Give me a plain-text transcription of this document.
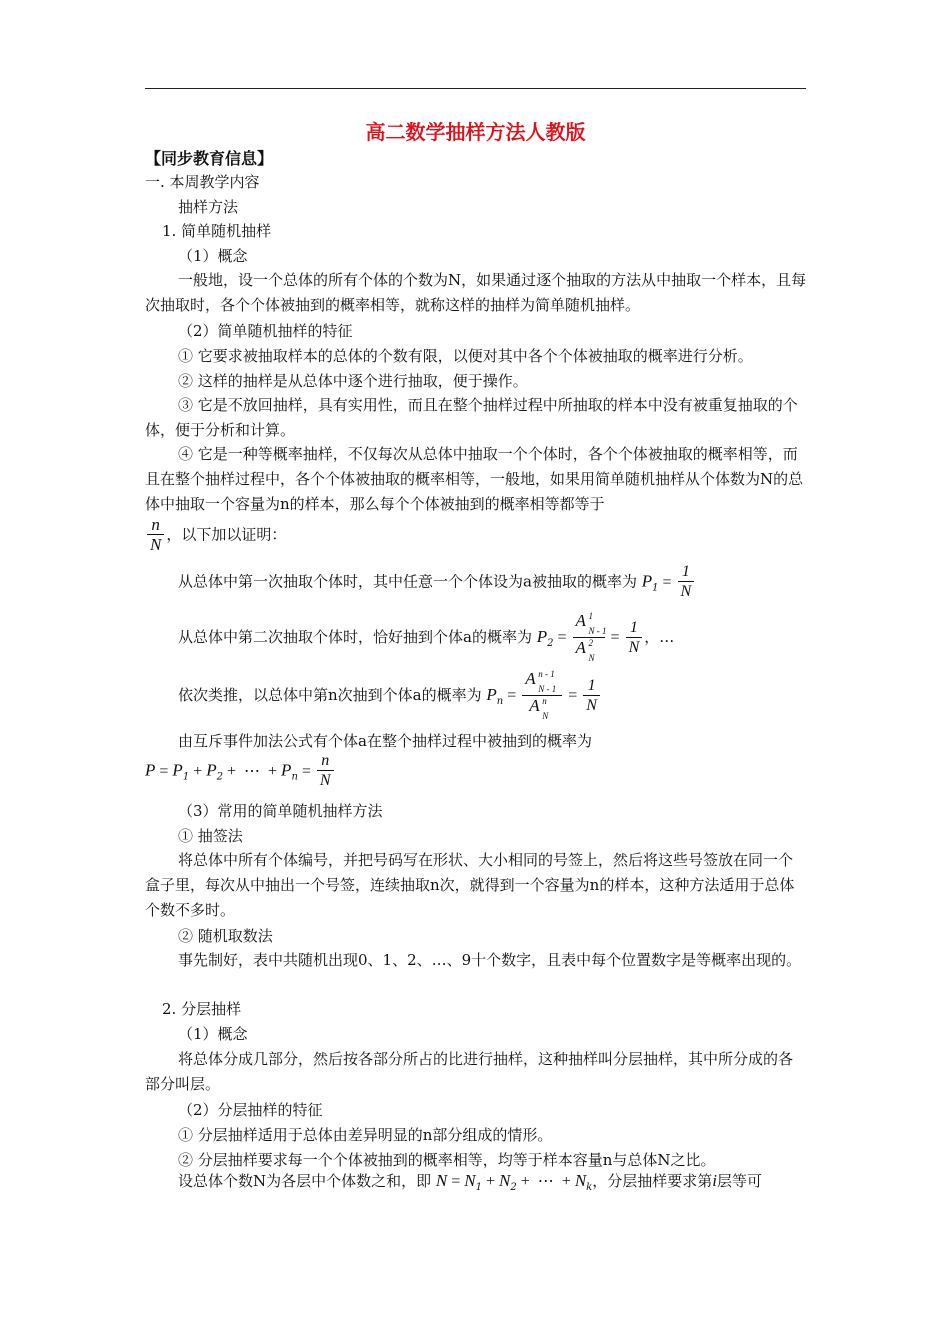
高二数学抽样方法人教版
【同步教育信息】
一. 本周教学内容
抽样方法
1. 简单随机抽样
（1）概念
一般地，设一个总体的所有个体的个数为N，如果通过逐个抽取的方法从中抽取一个样本，且每次抽取时，各个个体被抽到的概率相等，就称这样的抽样为简单随机抽样。
（2）简单随机抽样的特征
① 它要求被抽取样本的总体的个数有限，以便对其中各个个体被抽取的概率进行分析。
② 这样的抽样是从总体中逐个进行抽取，便于操作。
③ 它是不放回抽样，具有实用性，而且在整个抽样过程中所抽取的样本中没有被重复抽取的个体，便于分析和计算。
④ 它是一种等概率抽样，不仅每次从总体中抽取一个个体时，各个个体被抽取的概率相等，而且在整个抽样过程中，各个个体被抽取的概率相等，一般地，如果用简单随机抽样从个体数为N的总体中抽取一个容量为n的样本，那么每个个体被抽到的概率相等都等于
$\frac{n}{N}$ ，以下加以证明：
从总体中第一次抽取个体时，其中任意一个个体设为a被抽取的概率为 $P_1 = \frac{1}{N}$
从总体中第二次抽取个体时，恰好抽到个体a的概率为 $P_2 = A$ 1
N - 1
A 2
$N = \frac{1}{N}$ ，…
依次类推，以总体中第n次抽到个体a的概率为 $P_n = A$ n - 1
N - 1
A n
$N = \frac{1}{N}$
由互斥事件加法公式有个体a在整个抽样过程中被抽到的概率为
$P = P_1 + P_2$ + ⋯ + $P_n = \frac{n}{N}$
（3）常用的简单随机抽样方法
① 抽签法
将总体中所有个体编号，并把号码写在形状、大小相同的号签上，然后将这些号签放在同一个盒子里，每次从中抽出一个号签，连续抽取n次，就得到一个容量为n的样本，这种方法适用于总体个数不多时。
② 随机取数法
事先制好，表中共随机出现0、1、2、…、9十个数字，且表中每个位置数字是等概率出现的。
2. 分层抽样
（1）概念
将总体分成几部分，然后按各部分所占的比进行抽样，这种抽样叫分层抽样，其中所分成的各部分叫层。
（2）分层抽样的特征
① 分层抽样适用于总体由差异明显的n部分组成的情形。
② 分层抽样要求每一个个体被抽到的概率相等，均等于样本容量n与总体N之比。
设总体个数N为各层中个体数之和，即 $N = N_1 + N_2$ + ⋯ + $N_k$，分层抽样要求第i层等可
